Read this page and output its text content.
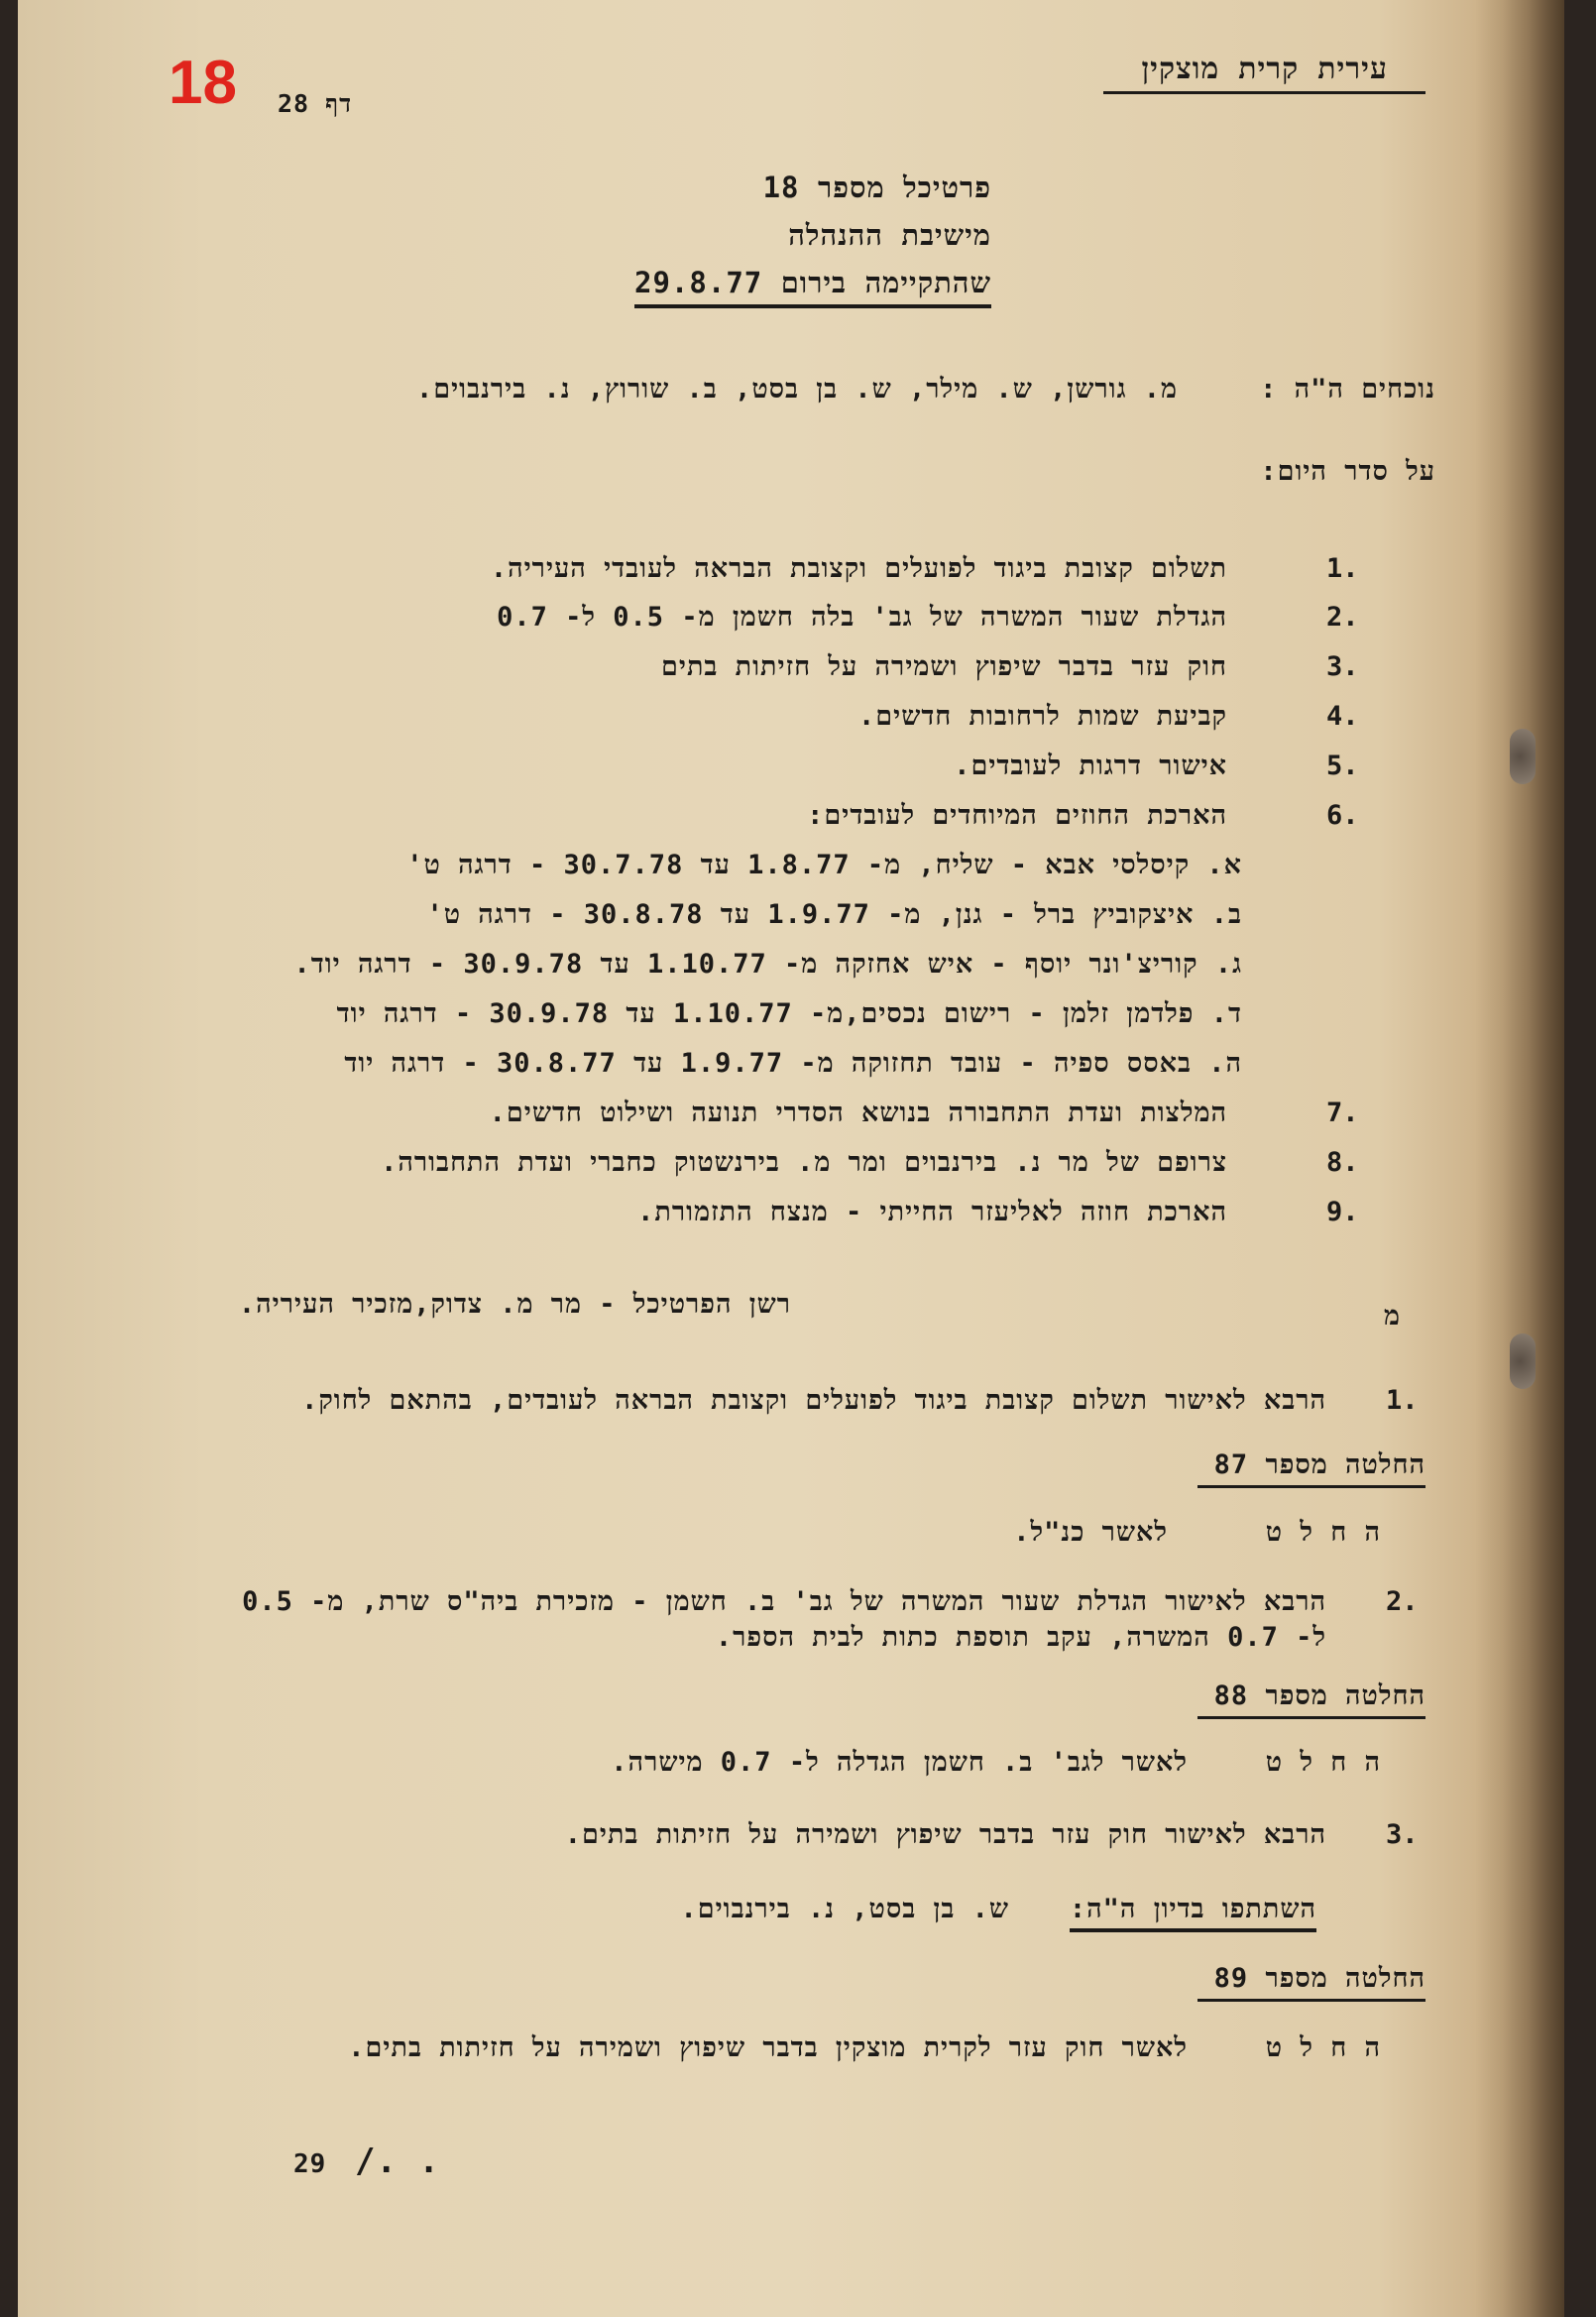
18 דף 28
עירית קרית מוצקין
פרטיכל מספר 18
מישיבת ההנהלה
שהתקיימה בירום 29.8.77
נוכחים ה"ה :
מ. גורשן, ש. מילר, ש. בן בסט, ב. שורוץ, נ. בירנבוים.
על סדר היום:
1.
תשלום קצובת ביגוד לפועלים וקצובת הבראה לעובדי העיריה.
2.
הגדלת שעור המשרה של גב' בלה חשמן מ- 0.5 ל- 0.7
3.
חוק עזר בדבר שיפוץ ושמירה על חזיתות בתים
4.
קביעת שמות לרחובות חדשים.
5.
אישור דרגות לעובדים.
6.
הארכת החוזים המיוחדים לעובדים:
א. קיסלסי אבא - שליח, מ- 1.8.77 עד 30.7.78 - דרגה ט'
ב. איצקוביץ ברל - גנן, מ- 1.9.77 עד 30.8.78 - דרגה ט'
ג. קוריצ'ונר יוסף - איש אחזקה מ- 1.10.77 עד 30.9.78 - דרגה יוד.
ד. פלדמן זלמן - רישום נכסים,מ- 1.10.77 עד 30.9.78 - דרגה יוד
ה. באסס ספיה - עובד תחזוקה מ- 1.9.77 עד 30.8.77 - דרגה יוד
7.
המלצות ועדת התחבורה בנושא הסדרי תנועה ושילוט חדשים.
8.
צרופם של מר נ. בירנבוים ומר מ. בירנשטוק כחברי ועדת התחבורה.
9.
הארכת חוזה לאליעזר החייתי - מנצח התזמורת.
רשן הפרטיכל - מר מ. צדוק,מזכיר העיריה.	מ
1.
הרבא לאישור תשלום קצובת ביגוד לפועלים וקצובת הבראה לעובדים, בהתאם לחוק.
החלטה מספר 87
ה ח ל ט
לאשר כנ"ל.
2.
הרבא לאישור הגדלת שעור המשרה של גב' ב. חשמן - מזכירת ביה"ס שרת, מ- 0.5
ל- 0.7 המשרה, עקב תוספת כתות לבית הספר.
החלטה מספר 88
ה ח ל ט
לאשר לגב' ב. חשמן הגדלה ל- 0.7 מישרה.
3.
הרבא לאישור חוק עזר בדבר שיפוץ ושמירה על חזיתות בתים.
השתתפו בדיון ה"ה:
ש. בן בסט, נ. בירנבוים.
החלטה מספר 89
ה ח ל ט
לאשר חוק עזר לקרית מוצקין בדבר שיפוץ ושמירה על חזיתות בתים.
29 /. .
